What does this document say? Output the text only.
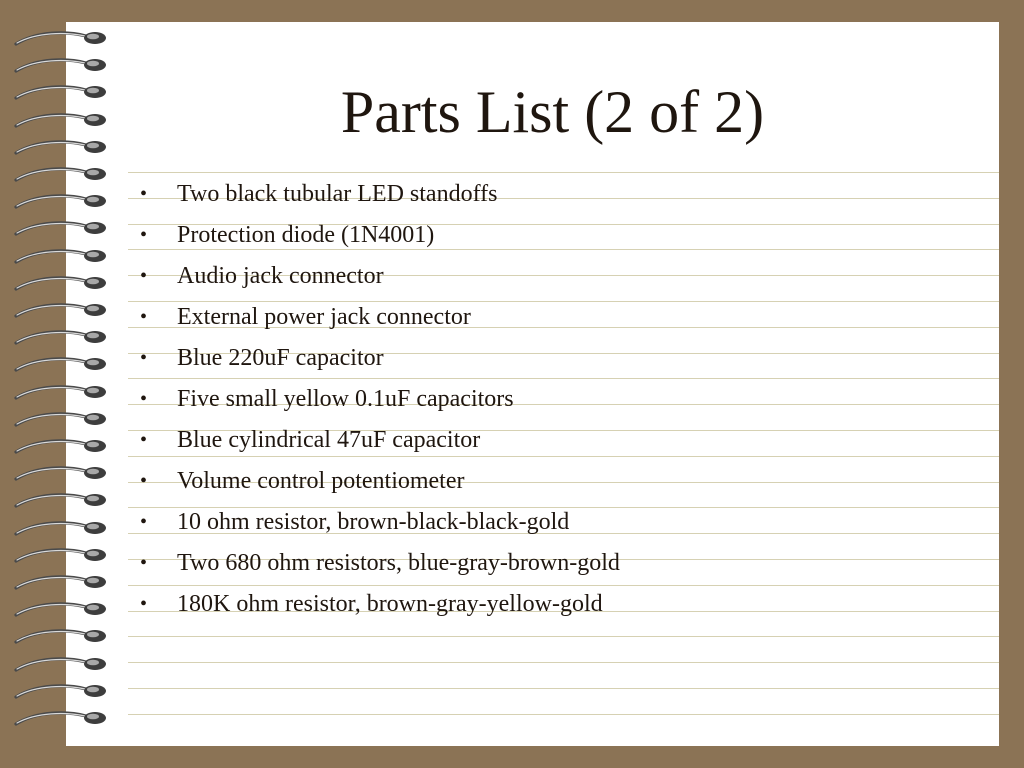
Parts List (2 of 2)
• Two black tubular LED standoffs
• Protection diode (1N4001)
• Audio jack connector
• External power jack connector
• Blue 220uF capacitor
• Five small yellow 0.1uF capacitors
• Blue cylindrical 47uF capacitor
• Volume control potentiometer
• 10 ohm resistor, brown-black-black-gold
• Two 680 ohm resistors, blue-gray-brown-gold
• 180K ohm resistor, brown-gray-yellow-gold
